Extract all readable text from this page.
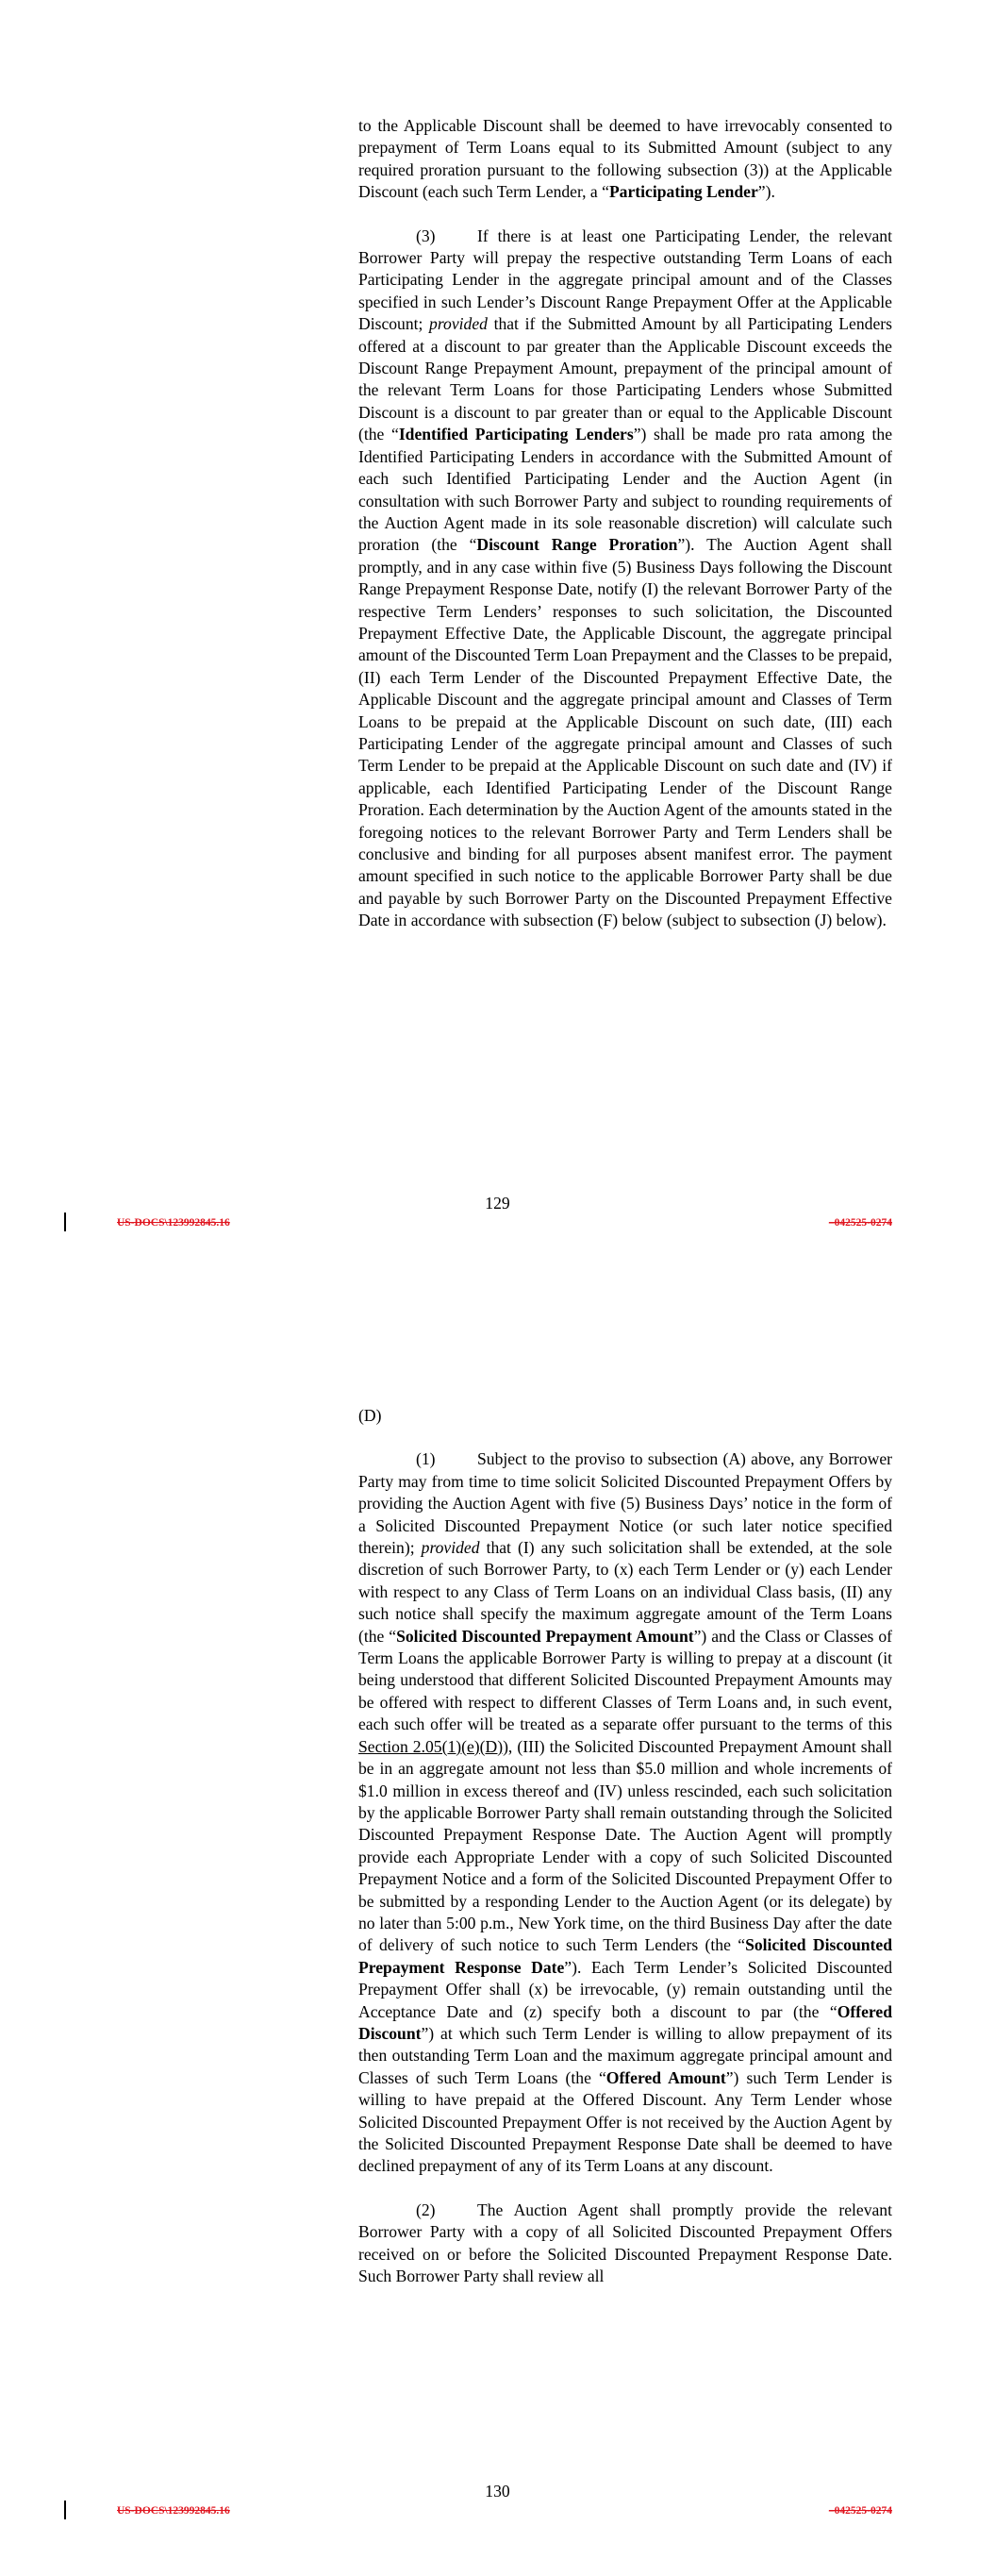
to the Applicable Discount shall be deemed to have irrevocably consented to prepayment of Term Loans equal to its Submitted Amount (subject to any required proration pursuant to the following subsection (3)) at the Applicable Discount (each such Term Lender, a “Participating Lender”).

(3)	If there is at least one Participating Lender, the relevant Borrower Party will prepay the respective outstanding Term Loans of each Participating Lender in the aggregate principal amount and of the Classes specified in such Lender’s Discount Range Prepayment Offer at the Applicable Discount; provided that if the Submitted Amount by all Participating Lenders offered at a discount to par greater than the Applicable Discount exceeds the Discount Range Prepayment Amount, prepayment of the principal amount of the relevant Term Loans for those Participating Lenders whose Submitted Discount is a discount to par greater than or equal to the Applicable Discount (the “Identified Participating Lenders”) shall be made pro rata among the Identified Participating Lenders in accordance with the Submitted Amount of each such Identified Participating Lender and the Auction Agent (in consultation with such Borrower Party and subject to rounding requirements of the Auction Agent made in its sole reasonable discretion) will calculate such proration (the “Discount Range Proration”). The Auction Agent shall promptly, and in any case within five (5) Business Days following the Discount Range Prepayment Response Date, notify (I) the relevant Borrower Party of the respective Term Lenders’ responses to such solicitation, the Discounted Prepayment Effective Date, the Applicable Discount, the aggregate principal amount of the Discounted Term Loan Prepayment and the Classes to be prepaid, (II) each Term Lender of the Discounted Prepayment Effective Date, the Applicable Discount and the aggregate principal amount and Classes of Term Loans to be prepaid at the Applicable Discount on such date, (III) each Participating Lender of the aggregate principal amount and Classes of such Term Lender to be prepaid at the Applicable Discount on such date and (IV) if applicable, each Identified Participating Lender of the Discount Range Proration. Each determination by the Auction Agent of the amounts stated in the foregoing notices to the relevant Borrower Party and Term Lenders shall be conclusive and binding for all purposes absent manifest error. The payment amount specified in such notice to the applicable Borrower Party shall be due and payable by such Borrower Party on the Discounted Prepayment Effective Date in accordance with subsection (F) below (subject to subsection (J) below).

129
US-DOCS\123992845.16	–042525-0274

(D)

(1)	Subject to the proviso to subsection (A) above, any Borrower Party may from time to time solicit Solicited Discounted Prepayment Offers by providing the Auction Agent with five (5) Business Days’ notice in the form of a Solicited Discounted Prepayment Notice (or such later notice specified therein); provided that (I) any such solicitation shall be extended, at the sole discretion of such Borrower Party, to (x) each Term Lender or (y) each Lender with respect to any Class of Term Loans on an individual Class basis, (II) any such notice shall specify the maximum aggregate amount of the Term Loans (the “Solicited Discounted Prepayment Amount”) and the Class or Classes of Term Loans the applicable Borrower Party is willing to prepay at a discount (it being understood that different Solicited Discounted Prepayment Amounts may be offered with respect to different Classes of Term Loans and, in such event, each such offer will be treated as a separate offer pursuant to the terms of this Section 2.05(1)(e)(D)), (III) the Solicited Discounted Prepayment Amount shall be in an aggregate amount not less than $5.0 million and whole increments of $1.0 million in excess thereof and (IV) unless rescinded, each such solicitation by the applicable Borrower Party shall remain outstanding through the Solicited Discounted Prepayment Response Date. The Auction Agent will promptly provide each Appropriate Lender with a copy of such Solicited Discounted Prepayment Notice and a form of the Solicited Discounted Prepayment Offer to be submitted by a responding Lender to the Auction Agent (or its delegate) by no later than 5:00 p.m., New York time, on the third Business Day after the date of delivery of such notice to such Term Lenders (the “Solicited Discounted Prepayment Response Date”). Each Term Lender’s Solicited Discounted Prepayment Offer shall (x) be irrevocable, (y) remain outstanding until the Acceptance Date and (z) specify both a discount to par (the “Offered Discount”) at which such Term Lender is willing to allow prepayment of its then outstanding Term Loan and the maximum aggregate principal amount and Classes of such Term Loans (the “Offered Amount”) such Term Lender is willing to have prepaid at the Offered Discount. Any Term Lender whose Solicited Discounted Prepayment Offer is not received by the Auction Agent by the Solicited Discounted Prepayment Response Date shall be deemed to have declined prepayment of any of its Term Loans at any discount.

(2)	The Auction Agent shall promptly provide the relevant Borrower Party with a copy of all Solicited Discounted Prepayment Offers received on or before the Solicited Discounted Prepayment Response Date. Such Borrower Party shall review all

130
US-DOCS\123992845.16	–042525-0274
